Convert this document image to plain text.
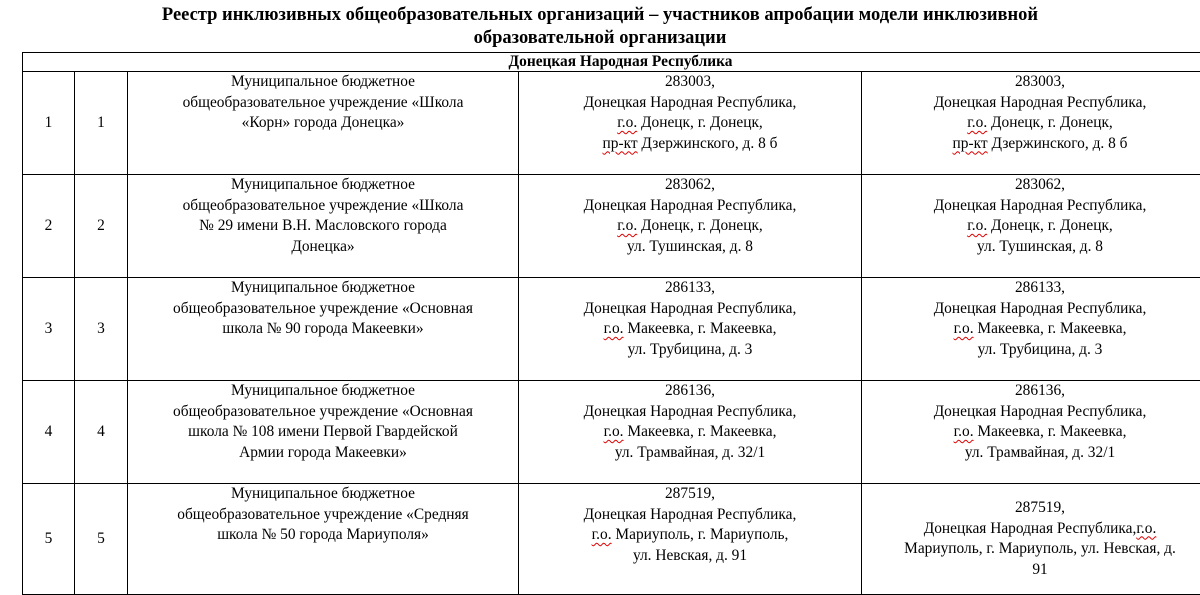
Реестр инклюзивных общеобразовательных организаций – участников апробации модели инклюзивной
образовательной организации
Донецкая Народная Республика				
1	1	Муниципальное бюджетное
общеобразовательное учреждение «Школа
«Корн» города Донецка»	283003,
Донецкая Народная Республика,
г.о. Донецк, г. Донецк,
пр-кт Дзержинского, д. 8 б	283003,
Донецкая Народная Республика,
г.о. Донецк, г. Донецк,
пр-кт Дзержинского, д. 8 б

2	2	Муниципальное бюджетное
общеобразовательное учреждение «Школа
№ 29 имени В.Н. Масловского города
Донецка»	283062,
Донецкая Народная Республика,
г.о. Донецк, г. Донецк,
ул. Тушинская, д. 8	283062,
Донецкая Народная Республика,
г.о. Донецк, г. Донецк,
ул. Тушинская, д. 8

3	3	Муниципальное бюджетное
общеобразовательное учреждение «Основная
школа № 90 города Макеевки»	286133,
Донецкая Народная Республика,
г.о. Макеевка, г. Макеевка,
ул. Трубицина, д. 3	286133,
Донецкая Народная Республика,
г.о. Макеевка, г. Макеевка,
ул. Трубицина, д. 3

4	4	Муниципальное бюджетное
общеобразовательное учреждение «Основная
школа № 108 имени Первой Гвардейской
Армии города Макеевки»	286136,
Донецкая Народная Республика,
г.о. Макеевка, г. Макеевка,
ул. Трамвайная, д. 32/1	286136,
Донецкая Народная Республика,
г.о. Макеевка, г. Макеевка,
ул. Трамвайная, д. 32/1

5	5	Муниципальное бюджетное
общеобразовательное учреждение «Средняя
школа № 50 города Мариуполя»	287519,
Донецкая Народная Республика,
г.о. Мариуполь, г. Мариуполь,
ул. Невская, д. 91	287519,
Донецкая Народная Республика,г.о.
Мариуполь, г. Мариуполь, ул. Невская, д.
91
